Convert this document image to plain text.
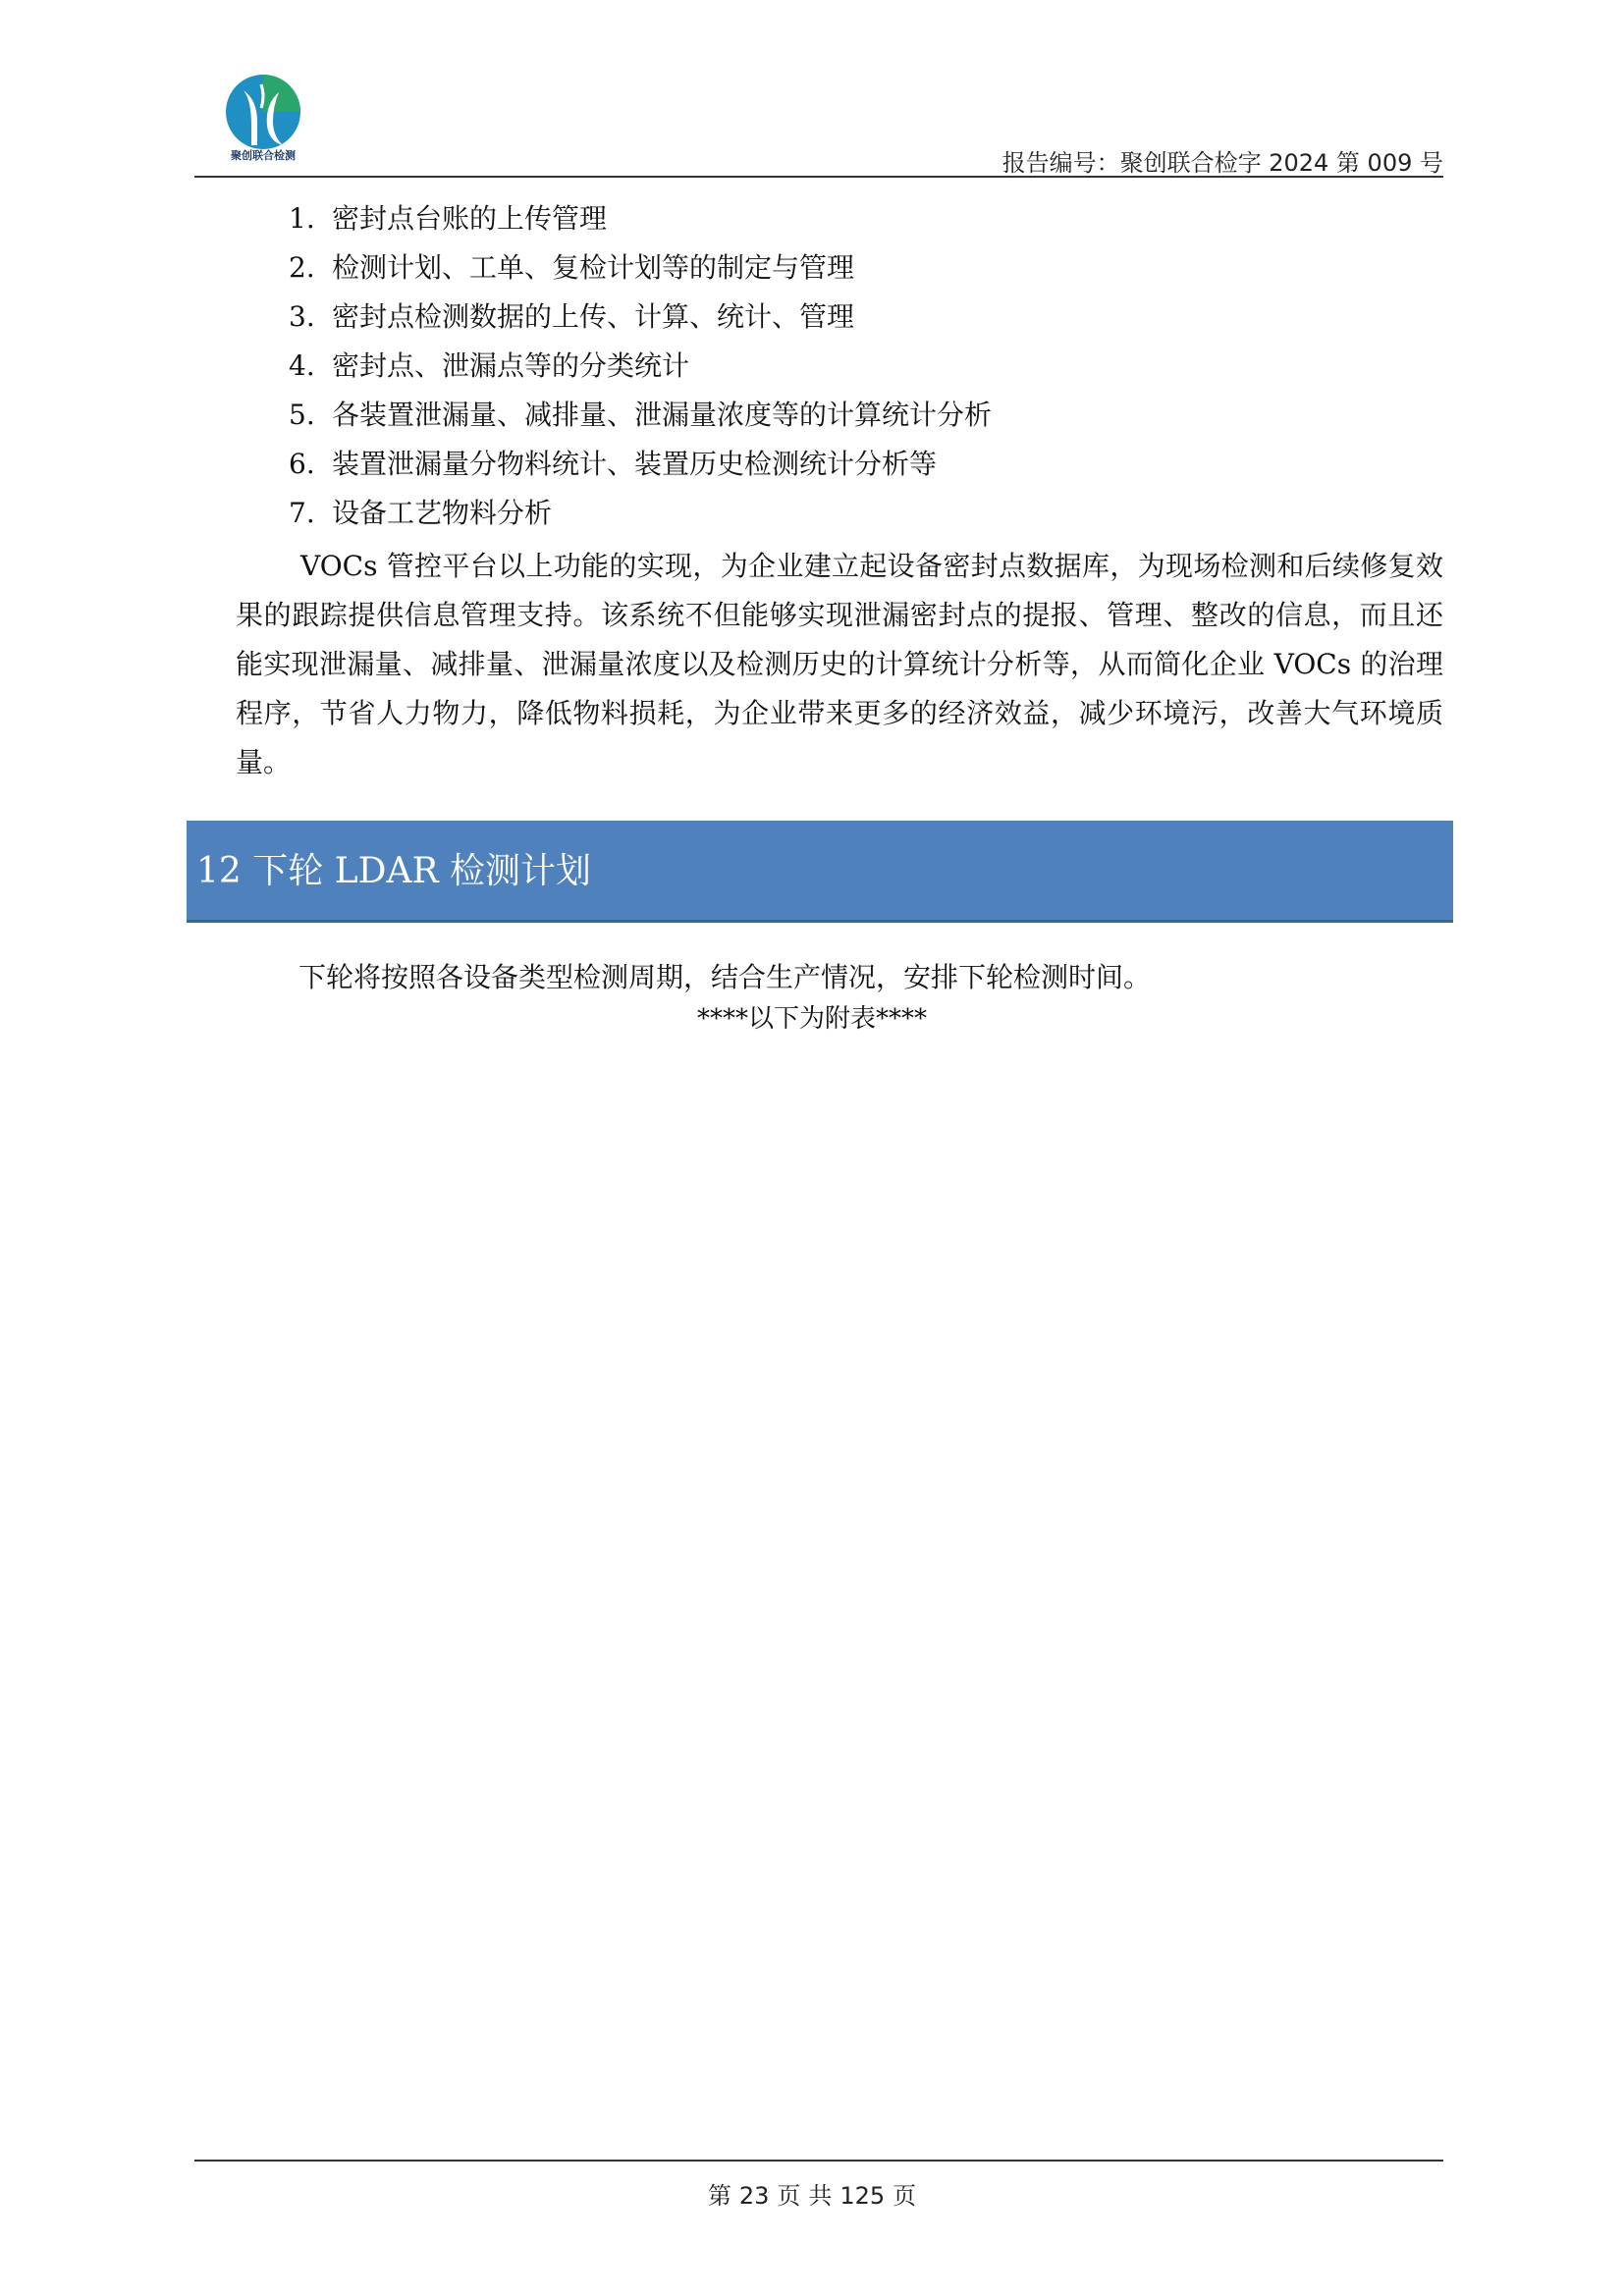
聚创联合检测	报告编号：聚创联合检字 2024 第 009 号
1. 密封点台账的上传管理
2. 检测计划、工单、复检计划等的制定与管理
3. 密封点检测数据的上传、计算、统计、管理
4. 密封点、泄漏点等的分类统计
5. 各装置泄漏量、减排量、泄漏量浓度等的计算统计分析
6. 装置泄漏量分物料统计、装置历史检测统计分析等
7. 设备工艺物料分析

VOCs 管控平台以上功能的实现，为企业建立起设备密封点数据库，为现场检测和后续修复效果的跟踪提供信息管理支持。该系统不但能够实现泄漏密封点的提报、管理、整改的信息，而且还能实现泄漏量、减排量、泄漏量浓度以及检测历史的计算统计分析等，从而简化企业 VOCs 的治理程序，节省人力物力，降低物料损耗，为企业带来更多的经济效益，减少环境污，改善大气环境质量。

12 下轮 LDAR 检测计划
下轮将按照各设备类型检测周期，结合生产情况，安排下轮检测时间。
****以下为附表****
第 23 页 共 125 页
